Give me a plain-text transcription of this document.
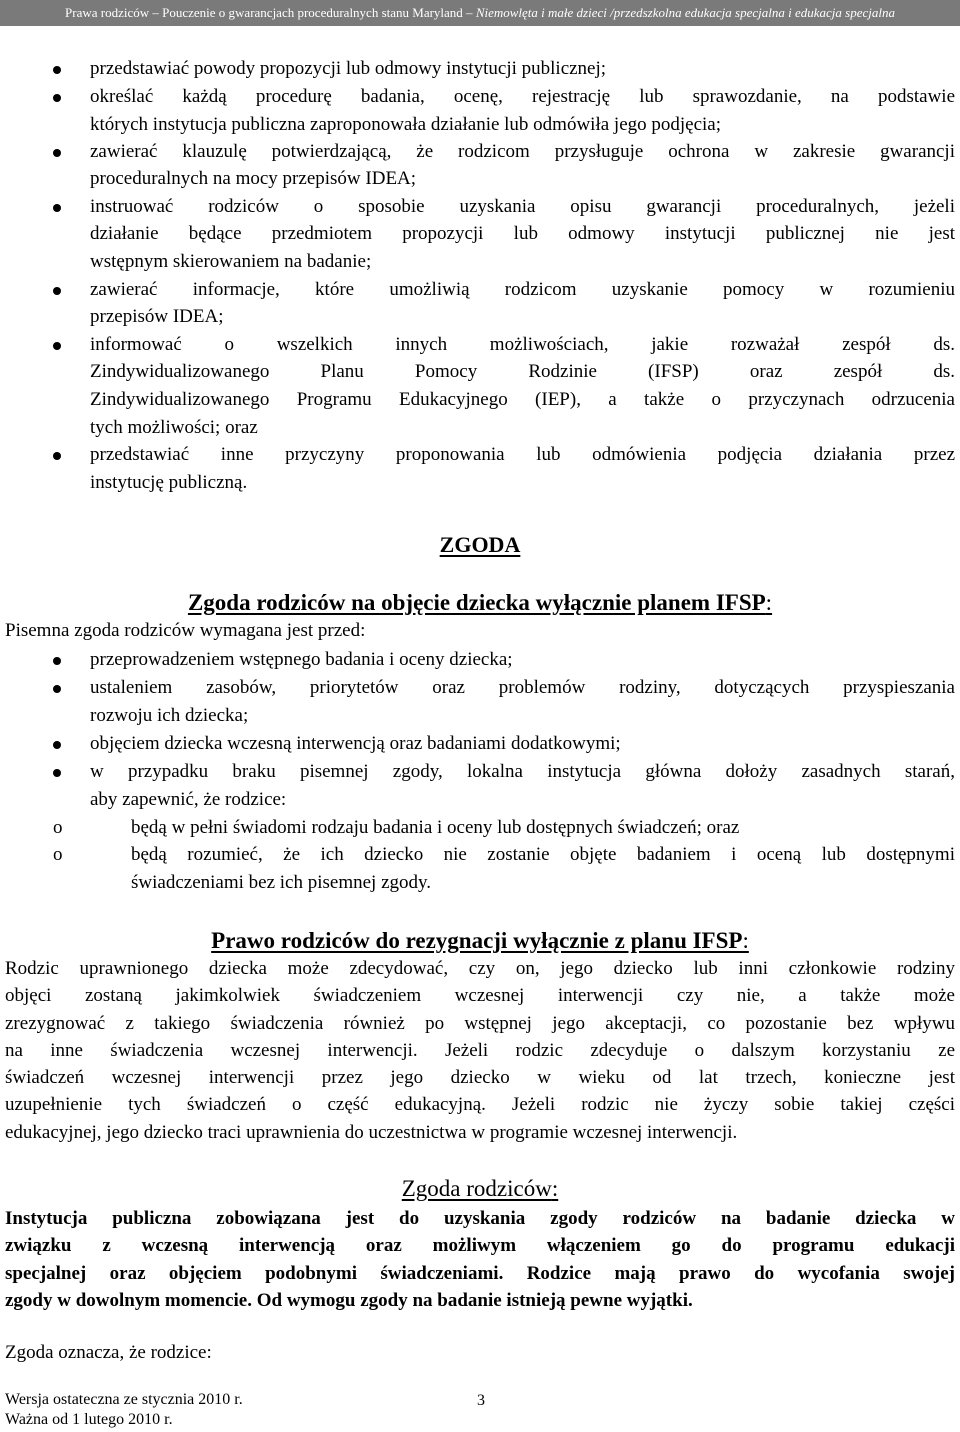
Prawa rodziców – Pouczenie o gwarancjach proceduralnych stanu Maryland – Niemowlęta i małe dzieci /przedszkolna edukacja specjalna i edukacja specjalna
przedstawiać powody propozycji lub odmowy instytucji publicznej;
określać każdą procedurę badania, ocenę, rejestrację lub sprawozdanie, na podstawie
których instytucja publiczna zaproponowała działanie lub odmówiła jego podjęcia;
zawierać klauzulę potwierdzającą, że rodzicom przysługuje ochrona w zakresie gwarancji
proceduralnych na mocy przepisów IDEA;
instruować rodziców o sposobie uzyskania opisu gwarancji proceduralnych, jeżeli
działanie będące przedmiotem propozycji lub odmowy instytucji publicznej nie jest
wstępnym skierowaniem na badanie;
zawierać informacje, które umożliwią rodzicom uzyskanie pomocy w rozumieniu
przepisów IDEA;
informować o wszelkich innych możliwościach, jakie rozważał zespół ds.
Zindywidualizowanego Planu Pomocy Rodzinie (IFSP) oraz zespół ds.
Zindywidualizowanego Programu Edukacyjnego (IEP), a także o przyczynach odrzucenia
tych możliwości; oraz
przedstawiać inne przyczyny proponowania lub odmówienia podjęcia działania przez
instytucję publiczną.
Pisemna zgoda rodziców wymagana jest przed:
przeprowadzeniem wstępnego badania i oceny dziecka;
ustaleniem zasobów, priorytetów oraz problemów rodziny, dotyczących przyspieszania
rozwoju ich dziecka;
objęciem dziecka wczesną interwencją oraz badaniami dodatkowymi;
w przypadku braku pisemnej zgody, lokalna instytucja główna dołoży zasadnych starań,
aby zapewnić, że rodzice:
o	będą w pełni świadomi rodzaju badania i oceny lub dostępnych świadczeń; oraz
o	będą rozumieć, że ich dziecko nie zostanie objęte badaniem i oceną lub dostępnymi
świadczeniami bez ich pisemnej zgody.
Rodzic uprawnionego dziecka może zdecydować, czy on, jego dziecko lub inni członkowie rodziny
objęci zostaną jakimkolwiek świadczeniem wczesnej interwencji czy nie, a także może
zrezygnować z takiego świadczenia również po wstępnej jego akceptacji, co pozostanie bez wpływu
na inne świadczenia wczesnej interwencji. Jeżeli rodzic zdecyduje o dalszym korzystaniu ze
świadczeń wczesnej interwencji przez jego dziecko w wieku od lat trzech, konieczne jest
uzupełnienie tych świadczeń o część edukacyjną. Jeżeli rodzic nie życzy sobie takiej części
edukacyjnej, jego dziecko traci uprawnienia do uczestnictwa w programie wczesnej interwencji.
Instytucja publiczna zobowiązana jest do uzyskania zgody rodziców na badanie dziecka w
związku z wczesną interwencją oraz możliwym włączeniem go do programu edukacji
specjalnej oraz objęciem podobnymi świadczeniami. Rodzice mają prawo do wycofania swojej
zgody w dowolnym momencie. Od wymogu zgody na badanie istnieją pewne wyjątki.
Zgoda oznacza, że rodzice:
ZGODA
Zgoda rodziców na objęcie dziecka wyłącznie planem IFSP:
Prawo rodziców do rezygnacji wyłącznie z planu IFSP:
Zgoda rodziców:
Wersja ostateczna ze stycznia 2010 r.
Ważna od 1 lutego 2010 r.
3
